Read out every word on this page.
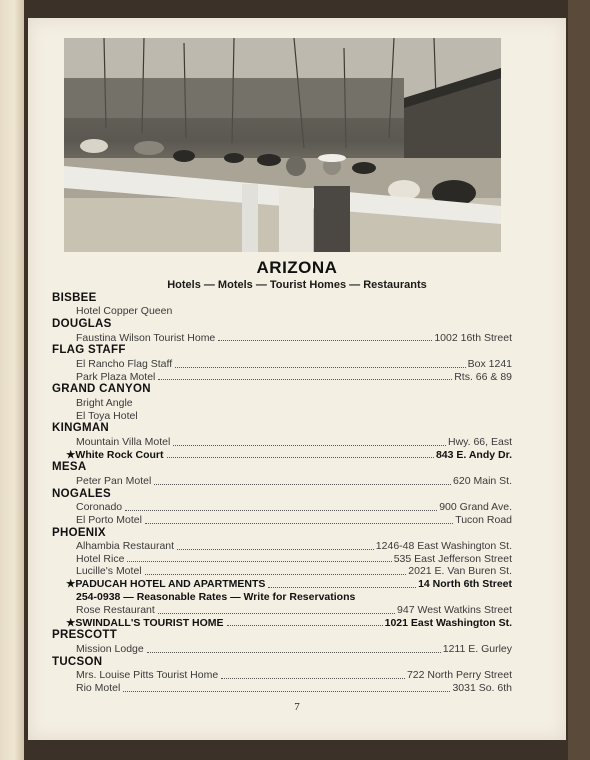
ARIZONA
Hotels — Motels — Tourist Homes — Restaurants
BISBEE
Hotel Copper Queen
DOUGLAS
Faustina Wilson Tourist Home	1002 16th Street
FLAG STAFF
El Rancho Flag Staff	Box 1241
Park Plaza Motel	Rts. 66 & 89
GRAND CANYON
Bright Angle
El Toya Hotel
KINGMAN
Mountain Villa Motel	Hwy. 66, East
★White Rock Court	843 E. Andy Dr.
MESA
Peter Pan Motel	620 Main St.
NOGALES
Coronado	900 Grand Ave.
El Porto Motel	Tucon Road
PHOENIX
Alhambia Restaurant	1246-48 East Washington St.
Hotel Rice	535 East Jefferson Street
Lucille's Motel	2021 E. Van Buren St.
★PADUCAH HOTEL AND APARTMENTS	14 North 6th Street
254-0938 — Reasonable Rates — Write for Reservations
Rose Restaurant	947 West Watkins Street
★SWINDALL'S TOURIST HOME	1021 East Washington St.
PRESCOTT
Mission Lodge	1211 E. Gurley
TUCSON
Mrs. Louise Pitts Tourist Home	722 North Perry Street
Rio Motel	3031 So. 6th
7
